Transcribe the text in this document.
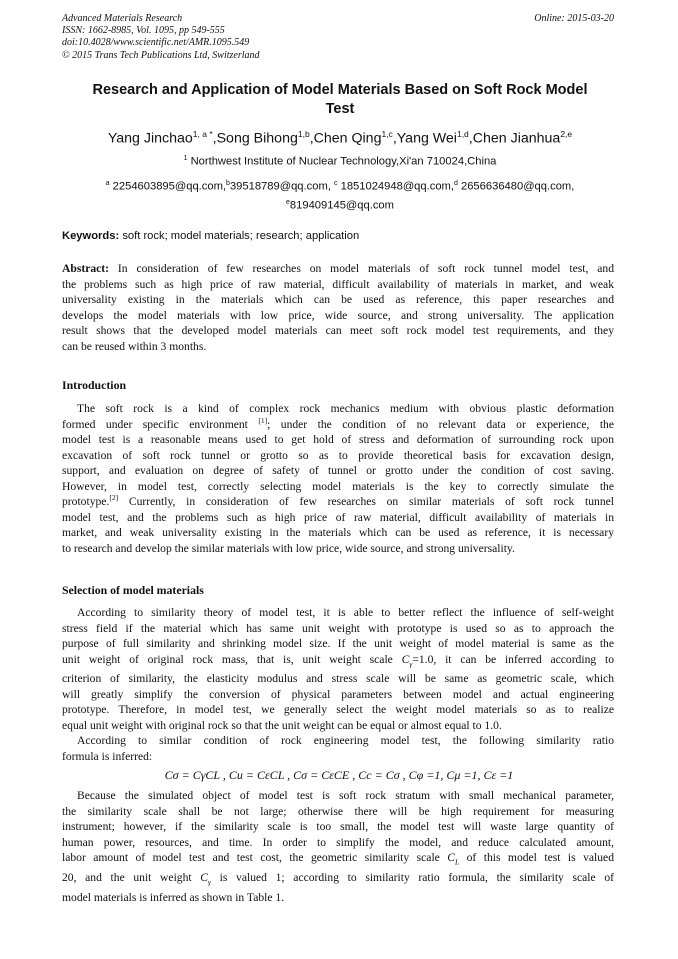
Advanced Materials Research
ISSN: 1662-8985, Vol. 1095, pp 549-555
doi:10.4028/www.scientific.net/AMR.1095.549
© 2015 Trans Tech Publications Ltd, Switzerland
Online: 2015-03-20
Research and Application of Model Materials Based on Soft Rock Model
Test
Yang Jinchao$^{1, a *}$,Song Bihong$^{1,b}$,Chen Qing$^{1,c}$,Yang Wei$^{1,d}$,Chen Jianhua$^{2,e}$
$^1$ Northwest Institute of Nuclear Technology,Xi'an 710024,China
$^a$ 2254603895@qq.com,$^b$39518789@qq.com, $^c$ 1851024948@qq.com,$^d$ 2656636480@qq.com,
$^e$819409145@qq.com
Keywords: soft rock; model materials; research; application
Abstract: In consideration of few researches on model materials of soft rock tunnel model test, and
the problems such as high price of raw material, difficult availability of materials in market, and weak
universality existing in the materials which can be used as reference, this paper researches and
develops the model materials with low price, wide source, and strong universality. The application
result shows that the developed model materials can meet soft rock model test requirements, and they
can be reused within 3 months.
Introduction
The soft rock is a kind of complex rock mechanics medium with obvious plastic deformation
formed under specific environment [1]; under the condition of no relevant data or experience, the
model test is a reasonable means used to get hold of stress and deformation of surrounding rock upon
excavation of soft rock tunnel or grotto so as to provide theoretical basis for excavation design,
support, and evaluation on degree of safety of tunnel or grotto under the condition of cost saving.
However, in model test, correctly selecting model materials is the key to correctly simulate the
prototype.[2] Currently, in consideration of few researches on similar materials of soft rock tunnel
model test, and the problems such as high price of raw material, difficult availability of materials in
market, and weak universality existing in the materials which can be used as reference, it is necessary
to research and develop the similar materials with low price, wide source, and strong universality.
Selection of model materials
According to similarity theory of model test, it is able to better reflect the influence of self-weight
stress field if the material which has same unit weight with prototype is used so as to approach the
purpose of full similarity and shrinking model size. If the unit weight of model material is same as the
unit weight of original rock mass, that is, unit weight scale $C_\gamma=1.0$, it can be inferred according to
criterion of similarity, the elasticity modulus and stress scale will be same as geometric scale, which
will greatly simplify the conversion of physical parameters between model and actual engineering
prototype. Therefore, in model test, we generally select the weight model materials so as to realize
equal unit weight with original rock so that the unit weight can be equal or almost equal to 1.0.
According to similar condition of rock engineering model test, the following similarity ratio
formula is inferred:
Cσ = CγCL , Cu = CεCL , Cσ = CεCE , Cc = Cσ , Cφ =1, Cμ =1, Cε =1
Because the simulated object of model test is soft rock stratum with small mechanical parameter,
the similarity scale shall be not large; otherwise there will be high requirement for measuring
instrument; however, if the similarity scale is too small, the model test will waste large quantity of
human power, resources, and time. In order to simplify the model, and reduce calculated amount,
labor amount of model test and test cost, the geometric similarity scale $C_L$ of this model test is valued
20, and the unit weight $C_\gamma$ is valued 1; according to similarity ratio formula, the similarity scale of
model materials is inferred as shown in Table 1.
